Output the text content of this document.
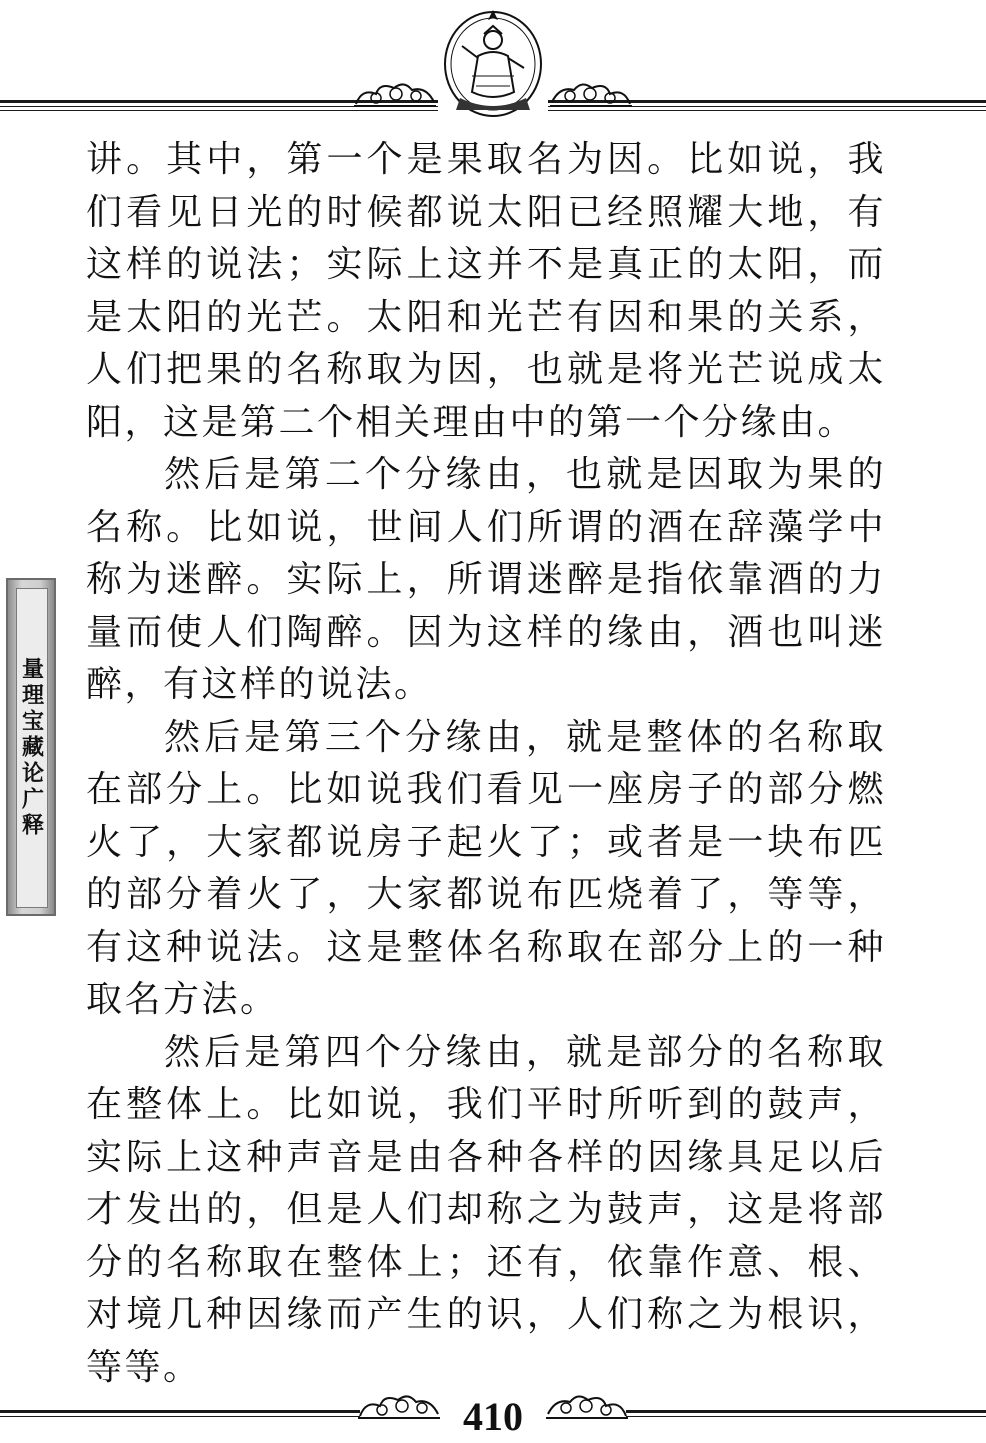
量理宝藏论广释

讲。其中，第一个是果取名为因。比如说，我们看见日光的时候都说太阳已经照耀大地，有这样的说法；实际上这并不是真正的太阳，而是太阳的光芒。太阳和光芒有因和果的关系，人们把果的名称取为因，也就是将光芒说成太阳，这是第二个相关理由中的第一个分缘由。

然后是第二个分缘由，也就是因取为果的名称。比如说，世间人们所谓的酒在辞藻学中称为迷醉。实际上，所谓迷醉是指依靠酒的力量而使人们陶醉。因为这样的缘由，酒也叫迷醉，有这样的说法。

然后是第三个分缘由，就是整体的名称取在部分上。比如说我们看见一座房子的部分燃火了，大家都说房子起火了；或者是一块布匹的部分着火了，大家都说布匹烧着了，等等，有这种说法。这是整体名称取在部分上的一种取名方法。

然后是第四个分缘由，就是部分的名称取在整体上。比如说，我们平时所听到的鼓声，实际上这种声音是由各种各样的因缘具足以后才发出的，但是人们却称之为鼓声，这是将部分的名称取在整体上；还有，依靠作意、根、对境几种因缘而产生的识，人们称之为根识，等等。

410
